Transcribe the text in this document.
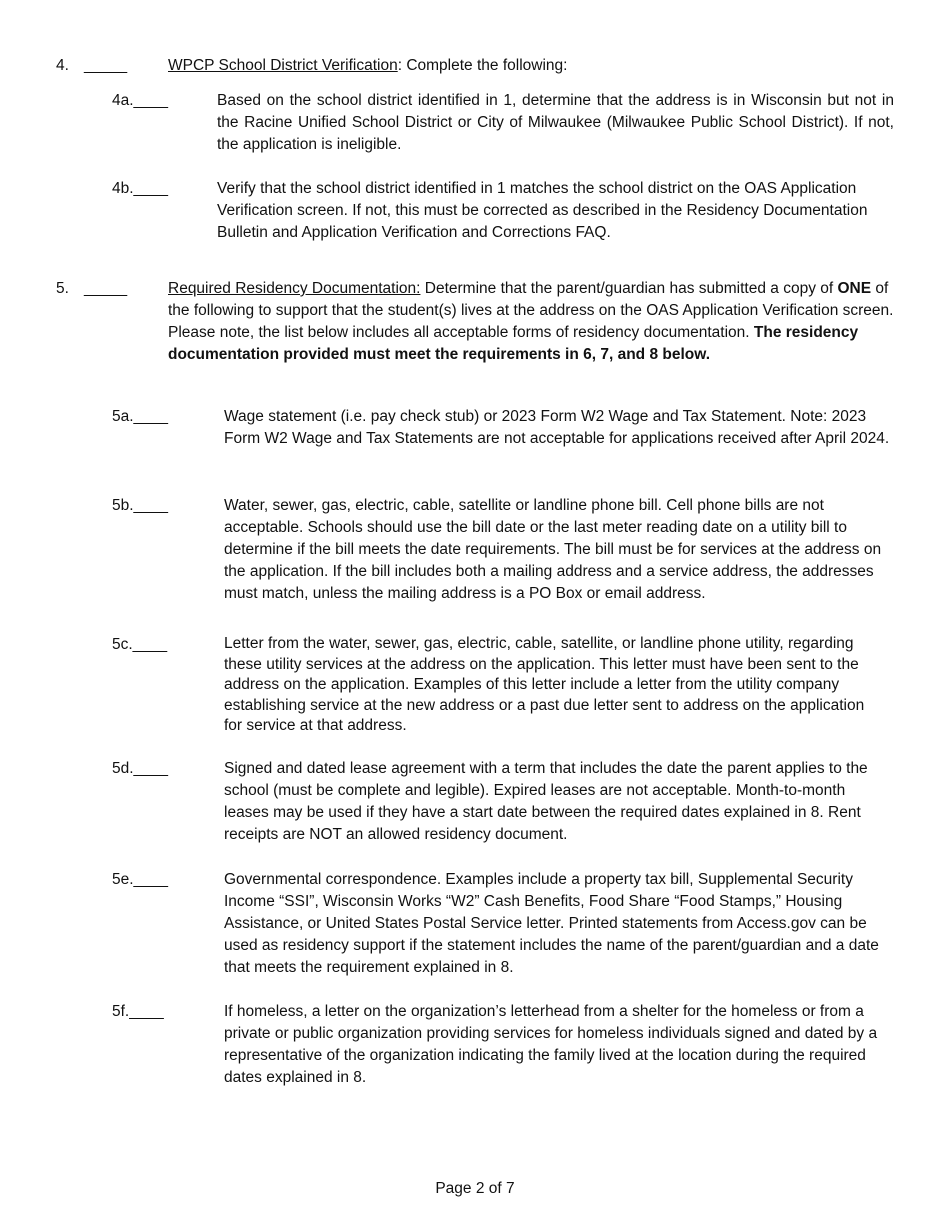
4. _____	WPCP School District Verification: Complete the following:
4a.____	Based on the school district identified in 1, determine that the address is in Wisconsin but not in the Racine Unified School District or City of Milwaukee (Milwaukee Public School District). If not, the application is ineligible.
4b.____	Verify that the school district identified in 1 matches the school district on the OAS Application Verification screen. If not, this must be corrected as described in the Residency Documentation Bulletin and Application Verification and Corrections FAQ.
5. _____	Required Residency Documentation: Determine that the parent/guardian has submitted a copy of ONE of the following to support that the student(s) lives at the address on the OAS Application Verification screen. Please note, the list below includes all acceptable forms of residency documentation. The residency documentation provided must meet the requirements in 6, 7, and 8 below.
5a.____	Wage statement (i.e. pay check stub) or 2023 Form W2 Wage and Tax Statement. Note: 2023 Form W2 Wage and Tax Statements are not acceptable for applications received after April 2024.
5b.____	Water, sewer, gas, electric, cable, satellite or landline phone bill. Cell phone bills are not acceptable. Schools should use the bill date or the last meter reading date on a utility bill to determine if the bill meets the date requirements. The bill must be for services at the address on the application. If the bill includes both a mailing address and a service address, the addresses must match, unless the mailing address is a PO Box or email address.
5c.____	Letter from the water, sewer, gas, electric, cable, satellite, or landline phone utility, regarding these utility services at the address on the application. This letter must have been sent to the address on the application. Examples of this letter include a letter from the utility company establishing service at the new address or a past due letter sent to address on the application for service at that address.
5d.____	Signed and dated lease agreement with a term that includes the date the parent applies to the school (must be complete and legible). Expired leases are not acceptable. Month-to-month leases may be used if they have a start date between the required dates explained in 8. Rent receipts are NOT an allowed residency document.
5e.____	Governmental correspondence. Examples include a property tax bill, Supplemental Security Income “SSI”, Wisconsin Works “W2” Cash Benefits, Food Share “Food Stamps,” Housing Assistance, or United States Postal Service letter. Printed statements from Access.gov can be used as residency support if the statement includes the name of the parent/guardian and a date that meets the requirement explained in 8.
5f.____	If homeless, a letter on the organization’s letterhead from a shelter for the homeless or from a private or public organization providing services for homeless individuals signed and dated by a representative of the organization indicating the family lived at the location during the required dates explained in 8.
Page 2 of 7
